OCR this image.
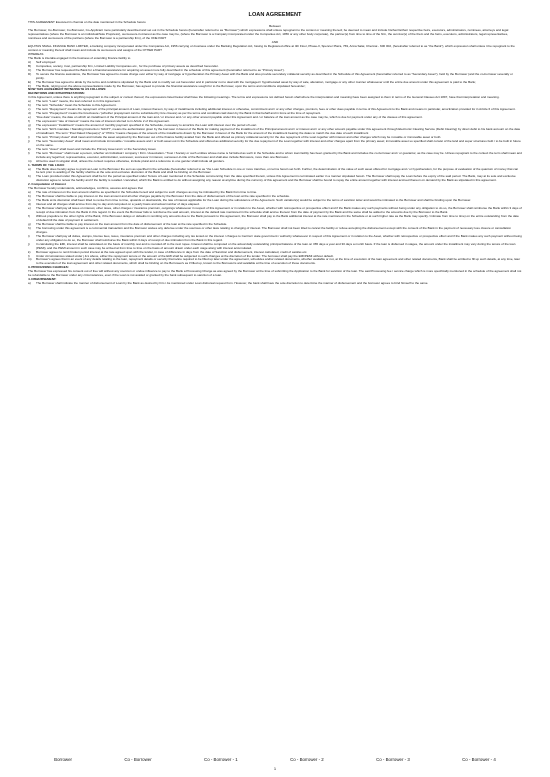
LOAN AGREEMENT
THIS AGREEMENT Executed in chennai on the date mentioned in the Schedule hereto
Between
The Borrower, Co-Borrower, Co-Borrower, Co-Applicant more particularly described and set out in the Schedule hereto (hereinafter referred to as "Borrower") which expressions shall unless repugnant to the context or meaning thereof, be deemed to mean and include his/her/its/their respective heirs, executors, administrators, nominees, attorneys and legal representatives (where the Borrower is an individual/Sole Proprietor), successors-in-interest as the case may be, (where the Borrower is a Company incorporated under the Companies Act, 1956 or any other body corporate), the partner(s) from time to time of the firm, the survivor(s) of the them and the heirs, executors, administrators, legal representatives, nominees and successors of the partners (where the Borrower is a partnership firm), of the ONE PART
AND
EQUITAS SMALL FINANCE BANK LIMITED, a banking company incorporated under the Companies Act, 1956 carrying on business under the Banking Regulation Act, having its Registered office at 4th Floor, Phase-II, Spencer Plaza, 769, Anna Salai, Chennai - 600 002, (hereinafter referred to as "the Bank"), which expression shall unless it be repugnant to the context or meaning thereof shall mean and include its successors and assigns of the OTHER PART
WHEREAS
The Bank is interalia engaged in the business of extending finance facility to
A)	Self employed
B)	Companies, society, trust, partnership firm, Limited Liability Companies etc., for the purchase of primary assets as described hereunder.
C)	The Borrower has requested the Bank for a financial assistance for acquiring an asset more fully described in the schedule of this agreement (hereinafter referred to as "Primary Asset").
D)	To secure the finance assistance, the Borrower has agreed to create charge over either by way of mortgage or hypothecation the Primary Asset with the Bank and also provide secondary collateral security as described in the Schedule of this Agreement (hereinafter referred to as "Secondary Asset"), held by the Borrower (and the co-borrower severally or jointly.
E)	The Borrower has agreed to abide by the terms and conditions stipulated by the Bank and to modify set out hereunder and in particular not to deal with the mortgaged / hypothecated asset by way of sale, alienation, mortgage or any other manner whatsoever until the entire due amount under this agreement is paid to the Bank;
F)	The Bank, relying upon the above representations made by the Borrower, has agreed to provide the financial assistance sought for to the Borrower, upon the terms and conditions stipulated hereunder;
NOW THIS AGREEMENT WITNESSETH AS FOLLOWS:
DEFINITIONS AND INTERPRETATIONS:
In this Agreement, unless there is anything repugnant to the subject or context thereof, the expressions listed below shall have the following meanings. The terms and expressions not defined herein shall where the interpretation and meaning have been assigned to them in terms of the General Clauses Act 1897, have that interpretation and meaning.
a)	The term "Loan" means, the loan referred to in this Agreement.
b)	The term "Schedule" mean the Schedule to this Agreement.
c)	The term "Repayment" means the repayment of the principal amount of Loan, interest thereon, by way of installments including additional interest or otherwise, commitment and / or any other charges, premium, fees or other dues payable in terms of this Agreement to the Bank and means in particular, amortization provided for in Article 6 of this Agreement.
d)	The term "Prepayment" means the foreclosure / (whether prepayment can be substituted by fore closure) as per the terms and conditions laid down by the Bank in that behalf and in force at the time of repayment.
e)	"Due date" means, the date on which an installment of the Principal amount of the loan and / or interest and / or any other amount payable under this Agreement and / or balance of the loan amount as the case may be, which is due for payment under any of the clauses of this agreement.
f)	The expression "rate of interest" means the rate of interest referred to in Article 2 of this Agreement.
g)	The expression "Installment" means the amount of monthly payment specified in the Schedule, necessary to amortize the Loan with interest over the period of Loan
h)	The term "ECS mandate / Standing Instruction / NACH", means the authorization given by the borrower in favour of the Bank for making payment of the installment of the Principal amount and / or interest and / or any other amount payable under this agreement through Electronic Clearing Service (Debit Clearing) by direct debit to his bank account on the date of installment. The term "Post Dated Cheque(s)" or" PDCs "means cheques of the amount of the installments drawn by the Borrower in favour of the Bank for the amount of the installment bearing the dates to match the due date of each installment
i)	The term "Primary Asset" shall mean and include the asset acquired by the Borrower out of the finance facility availed from the Bank and offered as primary collateral security for the due repayment of the Loan together with interest and other charges which may be movable or immovable asset or both.
j)	The term "Secondary Asset" shall mean and include immovable / movable assets and / or both asset out in the Schedule and offered as additional security for the due repayment of the Loan together with interest and other charges apart from the primary asset; immovable asset so specified shall consist of the land and super structures built / to be built in future on the same.
k)	The term "Asset" shall mean and include the Primary Asset and / or the Secondary Asset.
l)	The term "Borrower" shall mean a person, whether an Individual / company / Firm / Association / Trust / Society or such entities whose name is furnished as such in the Schedule and to whom loan facility has been granted by the Bank and includes the co-borrower and / or guarantor, as the case may be. Unless repugnant to the context the term shall mean and include any legal heir, representative, executor, administrator, successor, successor in interest, successor-in-title of the Borrower and shall also include Borrowers, more than one Borrower.
m)	All terms used in singular shall, unless the context requires otherwise, include plural and a reference to one gender shall include all genders.
1. TERMS OF THE LOAN:
a)	The Bank does hereby agree to grant as Loan to the Borrower the sum as specified in the schedule (hereinafter referred to as "the Loan Schedule in one or more tranches, on terms herein set forth. Further, the determination of the value of such asset offered for mortgage and / or hypothecation, for the purpose of evaluation of the quantum of money that can be lent prior to availing of the facility shall be at the sole and exclusive discretion of the Bank and shall be binding on the Borrower.
b)	The Loan provided under this Agreement shall be for the period as specified under Tenure of Loan mentioned in the Schedule commencing from the date specified therein, unless this Agreement is terminated earlier in a manner stipulated herein. The Borrower shall repay the Loan before the expiry of the said period. The Bank, may at its sole and exclusive discretion agree to renew the facility and if the facility is recalled / cancelled, which the Bank is entitled to do without assigning any reason at anytime during the currency of this agreement and the Borrower shall be bound to repay the entire amount together with interest accrued thereon on demand by the Bank as stipulated in this agreement.
2. Computation of Interest
The Borrower hereby understands, acknowledges, confirms, assures and agrees that
a)	The rate of interest on the loan amount shall be as specified in the Schedule hereof and subject to such changes as may be intimated by the Bank from time to time.
b)	The Borrower shall be liable to pay interest on the loan amount and all other charges payable by the Borrower from the date of disbursement of the loan at the rate specified in the schedule.
c)	The Bank at its discretion shall been titled to revise from time to time, upwards or downwards, the rate of interest applicable for the Loan during the subsistence of the Agreement. Such variation(s) would be subject to the terms of sanction letter and would be intimated to the Borrower and shall be binding upon the Borrower.
d)	Interest and all charges shall accrue from day to day and computed on a yearly basis and actual number of days elapsed.
e)	The Borrower shall pay all taxes on interest, other taxes, other charges / insurance premium, outgoings whatsoever in respect of this Agreement or in relation to the Asset, whether with retrospective or prospective effect and if the Bank makes any such payments without being under any obligation to do so, the Borrower shall reimburse the Bank within 3 days of receipt of due intimation from the Bank in this regard. In the event the Borrower fails to reimburse the said amount, interest at the default rate mentioned in the schedule shall accrue thereon from the date of payment by the Bank and the same shall be added to the amounts due by the Borrower to the Bank.
f)	Without prejudice to the other rights of the Bank, if the Borrower delays or defaults in remitting any amounts due to the Bank pursuant to this agreement, the Borrower shall pay to the Bank additional interest at the rate mentioned in the Schedule or at such higher rate as the Bank may specify / intimate from time to time) on the entire outstanding from the date of default till the date of payment in settlement.
g)	The Borrower shall be liable to pay interest on the loan amount from the date of disbursement of the loan at the rate specified in the Schedule.
h)	The borrowing under this agreement is a commercial transaction and the Borrower waives any defense under the usurious or other laws relating to charging of interest. The Borrower shall not been titled to cancel the facility or refuse accepting the disbursement except with the consent of the Bank in the payment of necessary loss closure or cancellation charges.
i)	The Borrower shall pay all duties, stamps, license fees, taxes, insurance premium and other charges including any tax levied on the interest / charges to Central / state government / authority whatsoever in respect of this Agreement or in relation to the Asset, whether with retrospective or prospective effect and if the Bank makes any such payment without being under any obligation to do so, the Borrower shall reimburse the Bank within 3 days of receipt of due intimation from the Bank in this regard.
j)	In calculating the EMI, interest shall be calculated on the basis of monthly rest and is rounded off to the next rupee. Interest shall be computed on the actual daily outstanding principal balance of the loan on 365 days a year and 30 days a month basis. If the loan is disbursed in stages, the amount under the installment may vary during the tenure of the loan (PEMI), and the PEMI amount in such case may be arrived at from time to time on the basis of amount drawn under each stage along with interest accumulated.
k)	Borrower agrees to remit broken period interest at the rate agreed upon with the lender, in case of difference in days from the date of Sanction and disbursement, interest calculated, credit of said/as etc.
l)	Under circumstances stated under j & k above, either the repayment tenure or the amount of the EMI shall be subjected to such changes at the discretion of the lender. The borrower shall pay the EMI/PEMI without default.
m)	Borrower's agrees that in an event of any details relating to the loan, repayment details or security that is/are required to be filled up later under the agreement, schedules and/or related documents, whether available or not, at the time of execution of the loan agreement and other related documents, Bank shall be entitled to fill up such details, at any time, later to the execution of the loan agreement and other related documents, which shall be binding on the Borrower/s as if filled up, known to the Borrower/s and available at the time of execution of those documents.
3. PROCESSING CHARGES:
The Borrower has expressed his consent out of free will without any coercion or undue influence to pay to the Bank a Processing Charge as was agreed by the Borrower at the time of submitting the Application to the Bank for sanction of the loan. The said Processing fee / service charge which is more specifically mentioned in the schedule of the agreement shall not be refundable to the Borrower under any circumstances, even if the Loan is not availed or granted by the bank subsequent to sanction of a loan.
4. DISBURSEMENT:
a)	The Borrower shall indicate the manner of disbursement of Loan by the Bank as desired by him / As mentioned under Loan disbursal request from. However, the bank shall have the sole discretion to determine the manner of disbursement and the borrower agrees to bind himself to the same.
Borrower	Co - Borrower	Co - Borrower - 1	Co - Borrower - 2	Co - Borrower - 3	Co - Borrower - 4
1
